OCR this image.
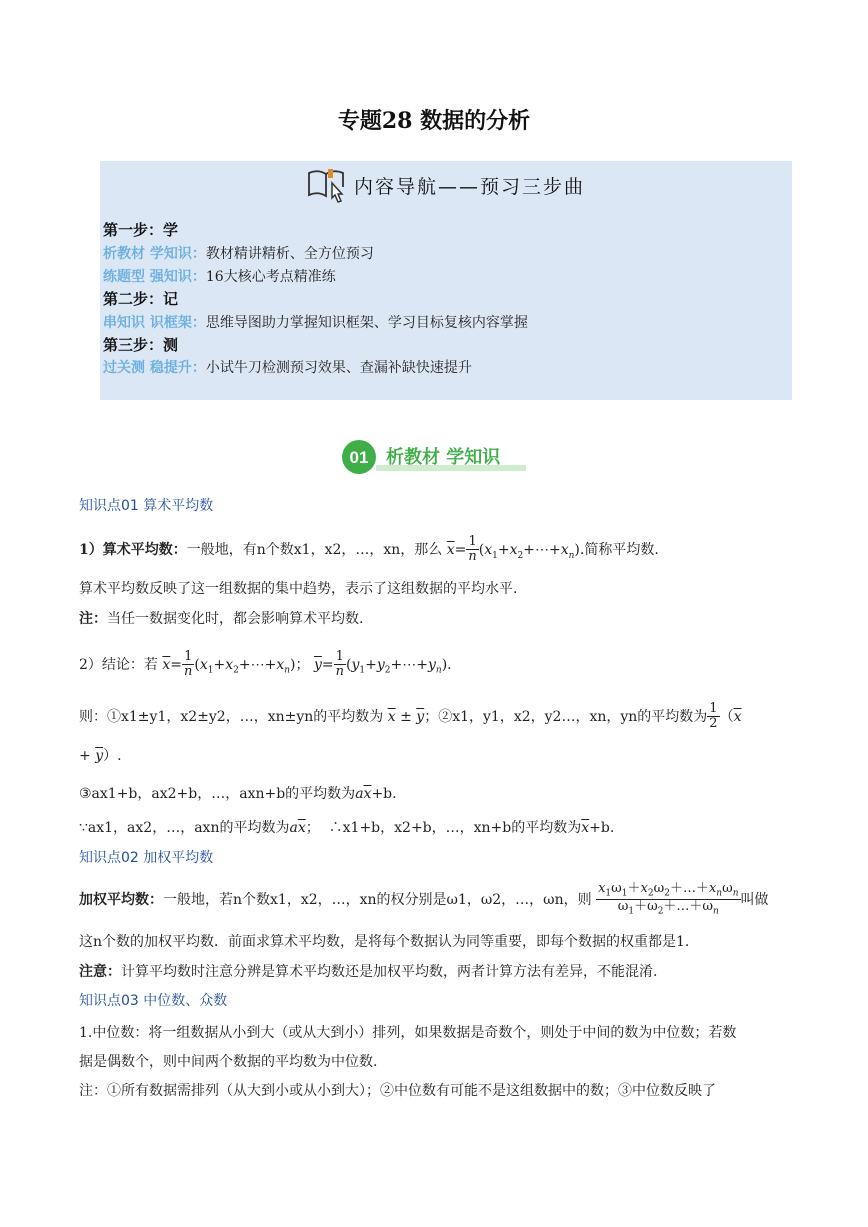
专题28 数据的分析
内容导航——预习三步曲
第一步：学
析教材 学知识：教材精讲精析、全方位预习
练题型 强知识：16大核心考点精准练
第二步：记
串知识 识框架：思维导图助力掌握知识框架、学习目标复核内容掌握
第三步：测
过关测 稳提升：小试牛刀检测预习效果、查漏补缺快速提升
01 析教材 学知识
知识点01 算术平均数
1）算术平均数：一般地，有n个数x1，x2，…，xn，那么 $\overline{x}= \frac{1}{n}$ $(x_1+x_2+\cdots+x_n)$.简称平均数.
算术平均数反映了这一组数据的集中趋势，表示了这组数据的平均水平.
注：当任一数据变化时，都会影响算术平均数.
2）结论：若 $\overline{x}= \frac{1}{n}$ $(x_1+x_2+\cdots+x_n)$； $\overline{y}= \frac{1}{n}$ $(y_1+y_2+\cdots+y_n)$.
则：①x1±y1，x2±y2，…，xn±yn的平均数为 $\overline{x} \pm \overline{y}$；②x1，y1，x2，y2…，xn，yn的平均数为 $\frac{1}{2} (\overline{x}$
+ $\overline{y}$）.
③ax1+b，ax2+b，…，axn+b的平均数为$a\overline{x}+b$.
∵ax1，ax2，…，axn的平均数为$a\overline{x}$；  ∴x1+b，x2+b，…，xn+b的平均数为$\overline{x}+b$.
知识点02 加权平均数
加权平均数：一般地，若n个数x1，x2，…，xn的权分别是ω1，ω2，…，ωn，则 $\frac{x_1\omega_1+x_2\omega_2+\dots+x_n\omega_n}{\omega_1+\omega_2+\dots+\omega_n}$ 叫做
这n个数的加权平均数．前面求算术平均数，是将每个数据认为同等重要，即每个数据的权重都是1.
注意：计算平均数时注意分辨是算术平均数还是加权平均数，两者计算方法有差异，不能混淆.
知识点03 中位数、众数
1.中位数：将一组数据从小到大（或从大到小）排列，如果数据是奇数个，则处于中间的数为中位数；若数
据是偶数个，则中间两个数据的平均数为中位数.
注：①所有数据需排列（从大到小或从小到大）；②中位数有可能不是这组数据中的数；③中位数反映了
